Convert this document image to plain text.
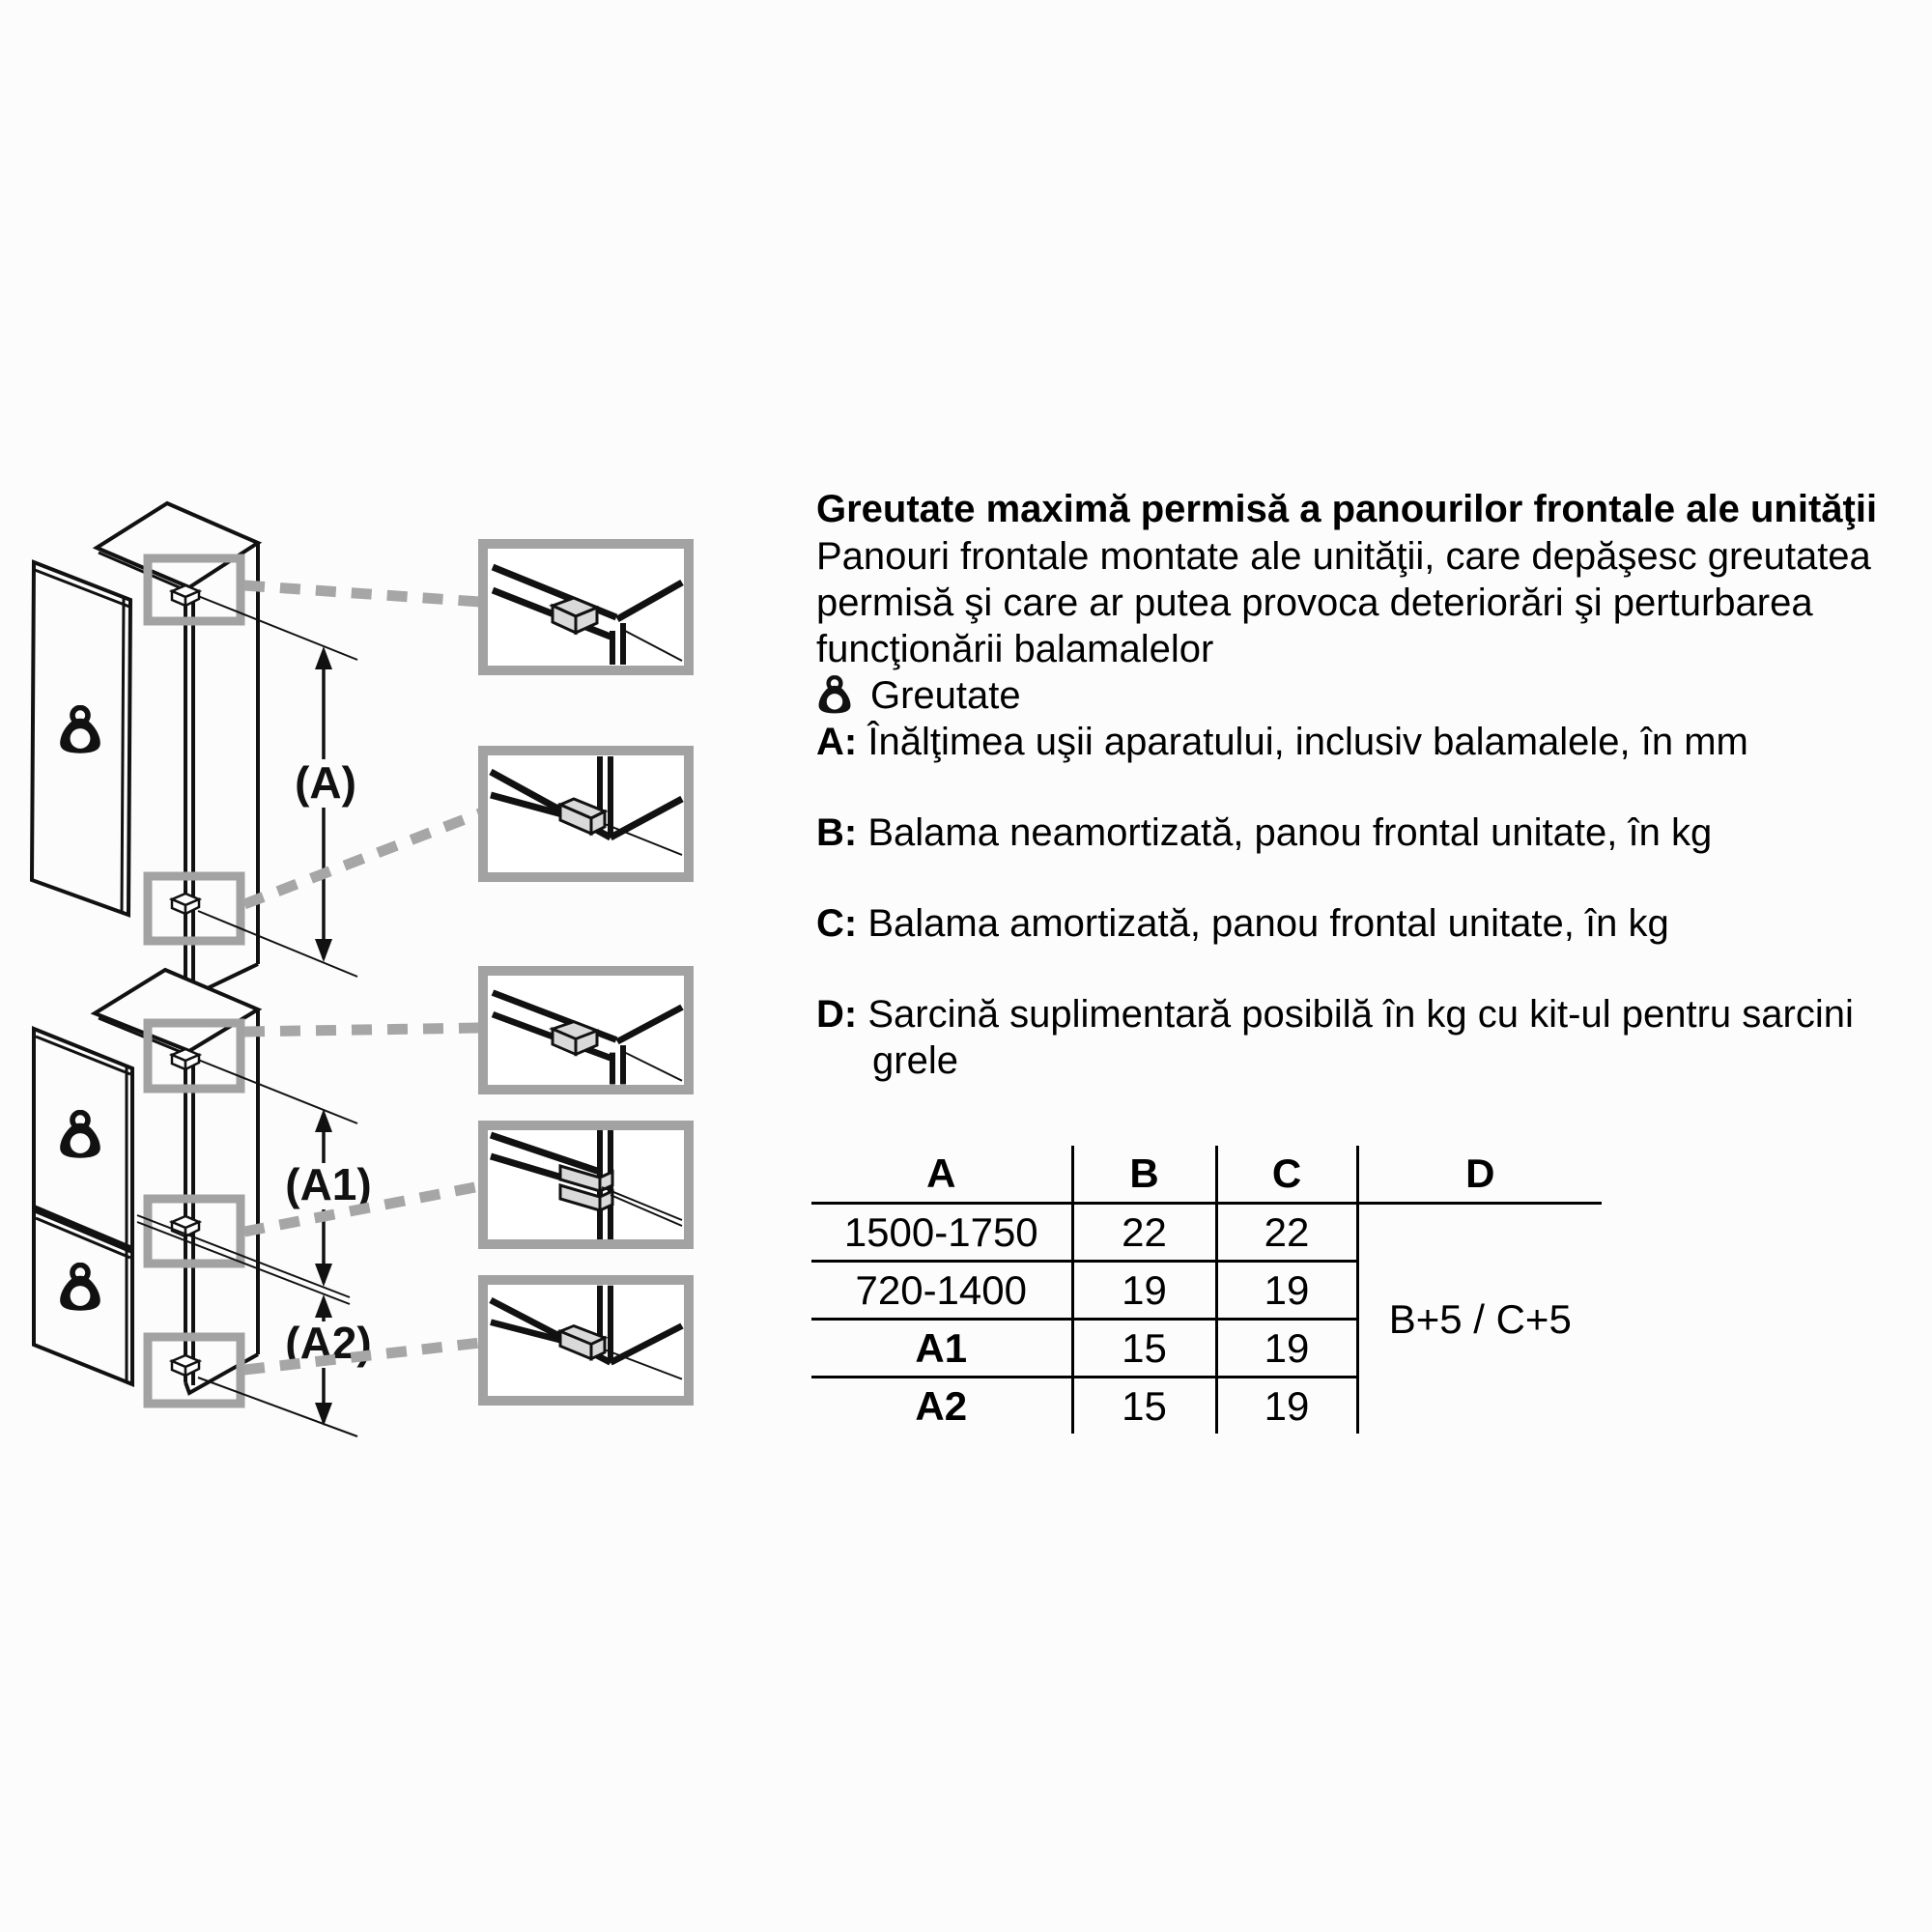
(A)
(A1)
(A2)
Greutate maximă permisă a panourilor frontale ale unităţii

Panouri frontale montate ale unităţii, care depăşesc greutatea permisă şi care ar putea provoca deteriorări şi perturbarea funcţionării balamalelor

Greutate
A: Înălţimea uşii aparatului, inclusiv balamalele, în mm
B: Balama neamortizată, panou frontal unitate, în kg
C: Balama amortizată, panou frontal unitate, în kg
D: Sarcină suplimentară posibilă în kg cu kit-ul pentru sarcini grele
A	B	C	D
1500-1750	22	22	B+5 / C+5
720-1400	19	19	
A1	15	19	
A2	15	19	
